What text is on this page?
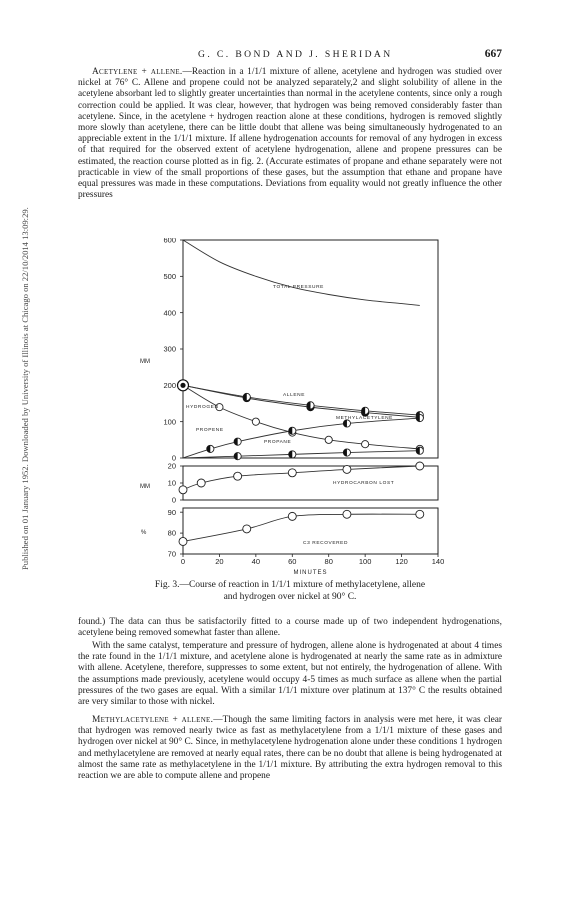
Published on 01 January 1952. Downloaded by University of Illinois at Chicago on 22/10/2014 13:09:29.
G. C. BOND AND J. SHERIDAN	667

Acetylene + allene.—Reaction in a 1/1/1 mixture of allene, acetylene and hydrogen was studied over nickel at 76° C. Allene and propene could not be analyzed separately,2 and slight solubility of allene in the acetylene absorbant led to slightly greater uncertainties than normal in the acetylene contents, since only a rough correction could be applied. It was clear, however, that hydrogen was being removed considerably faster than acetylene. Since, in the acetylene + hydrogen reaction alone at these conditions, hydrogen is removed slightly more slowly than acetylene, there can be little doubt that allene was being simultaneously hydrogenated to an appreciable extent in the 1/1/1 mixture. If allene hydrogenation accounts for removal of any hydrogen in excess of that required for the observed extent of acetylene hydrogenation, allene and propene pressures can be estimated, the reaction course plotted as in fig. 2. (Accurate estimates of propane and ethane separately were not practicable in view of the small proportions of these gases, but the assumption that ethane and propane have equal pressures was made in these computations. Deviations from equality would not greatly influence the other pressures

600
500
400
300
200
100
0
20
10
0
90
80
70
MM
MM
%
0	20	40	60	80	100	120	140
MINUTES
TOTAL PRESSURE
ALLENE
HYDROGEN
METHYLACETYLENE
PROPENE
PROPANE
HYDROCARBON LOST
C3 RECOVERED
Fig. 3.—Course of reaction in 1/1/1 mixture of methylacetylene, allene
and hydrogen over nickel at 90° C.

found.) The data can thus be satisfactorily fitted to a course made up of two independent hydrogenations, acetylene being removed somewhat faster than allene.

With the same catalyst, temperature and pressure of hydrogen, allene alone is hydrogenated at about 4 times the rate found in the 1/1/1 mixture, and acetylene alone is hydrogenated at nearly the same rate as in admixture with allene. Acetylene, therefore, suppresses to some extent, but not entirely, the hydrogenation of allene. With the assumptions made previously, acetylene would occupy 4-5 times as much surface as allene when the partial pressures of the two gases are equal. With a similar 1/1/1 mixture over platinum at 137° C the results obtained are very similar to those with nickel.

Methylacetylene + allene.—Though the same limiting factors in analysis were met here, it was clear that hydrogen was removed nearly twice as fast as methylacetylene from a 1/1/1 mixture of these gases and hydrogen over nickel at 90° C. Since, in methylacetylene hydrogenation alone under these conditions 1 hydrogen and methylacetylene are removed at nearly equal rates, there can be no doubt that allene is being hydrogenated at almost the same rate as methylacetylene in the 1/1/1 mixture. By attributing the extra hydrogen removal to this reaction we are able to compute allene and propene
